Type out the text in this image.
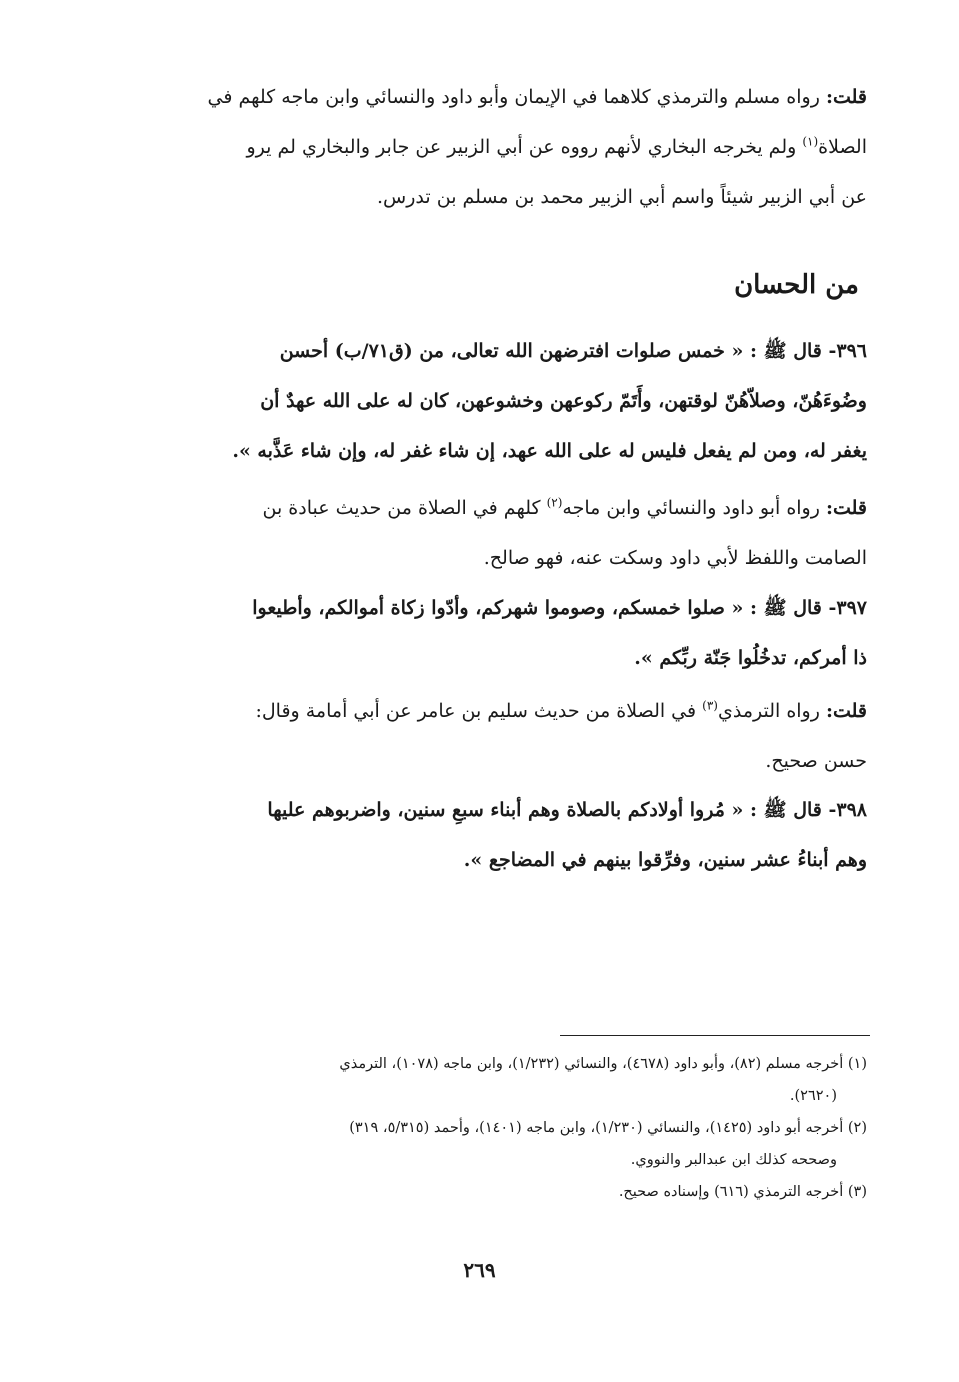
قلت: رواه مسلم والترمذي كلاهما في الإيمان وأبو داود والنسائي وابن ماجه كلهم في
الصلاة$^{(١)}$ ولم يخرجه البخاري لأنهم رووه عن أبي الزبير عن جابر والبخاري لم يرو
عن أبي الزبير شيئاً واسم أبي الزبير محمد بن مسلم بن تدرس.
من الحسان
٣٩٦- قال ﷺ : « خمس صلوات افترضهن الله تعالى، من (ق٧١/ب) أحسن
وضُوءَهُنّ، وصلاّهُنّ لوقتهن، وأَتَمّ ركوعهن وخشوعهن، كان له على الله عهدٌ أن
يغفر له، ومن لم يفعل فليس له على الله عهد، إن شاء غفر له، وإن شاء عَذَّبه ».
قلت: رواه أبو داود والنسائي وابن ماجه$^{(٢)}$ كلهم في الصلاة من حديث عبادة بن
الصامت واللفظ لأبي داود وسكت عنه، فهو صالح.
٣٩٧- قال ﷺ : « صلوا خمسكم، وصوموا شهركم، وأدّوا زكاة أموالكم، وأطيعوا
ذا أمركم، تدخُلُوا جَنّة ربِّكم ».
قلت: رواه الترمذي$^{(٣)}$ في الصلاة من حديث سليم بن عامر عن أبي أمامة وقال:
حسن صحيح.
٣٩٨- قال ﷺ : « مُروا أولادكم بالصلاة وهم أبناء سبعِ سنين، واضربوهم عليها
وهم أبناءُ عشر سنين، وفرِّقوا بينهم في المضاجع ».
(١) أخرجه مسلم (٨٢)، وأبو داود (٤٦٧٨)، والنسائي (١/٢٣٢)، وابن ماجه (١٠٧٨)، الترمذي
(٢٦٢٠).
(٢) أخرجه أبو داود (١٤٢٥)، والنسائي (١/٢٣٠)، وابن ماجه (١٤٠١)، وأحمد (٥/٣١٥، ٣١٩)
وصححه كذلك ابن عبدالبر والنووي.
(٣) أخرجه الترمذي (٦١٦) وإسناده صحيح.
٢٦٩
